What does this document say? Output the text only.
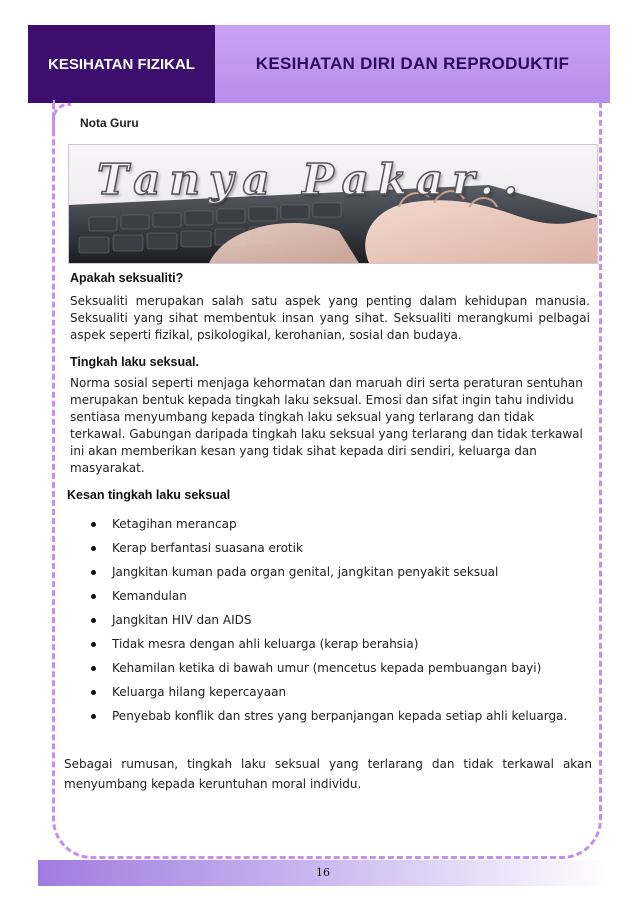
KESIHATAN FIZIKAL	KESIHATAN DIRI DAN REPRODUKTIF
Nota Guru
Tanya Pakar..
Apakah seksualiti?

Seksualiti merupakan salah satu aspek yang penting dalam kehidupan manusia. Seksualiti yang sihat membentuk insan yang sihat. Seksualiti merangkumi pelbagai aspek seperti fizikal, psikologikal, kerohanian, sosial dan budaya.

Tingkah laku seksual.

Norma sosial seperti menjaga kehormatan dan maruah diri serta peraturan sentuhan merupakan bentuk kepada tingkah laku seksual. Emosi dan sifat ingin tahu individu sentiasa menyumbang kepada tingkah laku seksual yang terlarang dan tidak terkawal. Gabungan daripada tingkah laku seksual yang terlarang dan tidak terkawal ini akan memberikan kesan yang tidak sihat kepada diri sendiri, keluarga dan masyarakat.

Kesan tingkah laku seksual
Ketagihan merancap
Kerap berfantasi suasana erotik
Jangkitan kuman pada organ genital, jangkitan penyakit seksual
Kemandulan
Jangkitan HIV dan AIDS
Tidak mesra dengan ahli keluarga (kerap berahsia)
Kehamilan ketika di bawah umur (mencetus kepada pembuangan bayi)
Keluarga hilang kepercayaan
Penyebab konflik dan stres yang berpanjangan kepada setiap ahli keluarga.

Sebagai rumusan, tingkah laku seksual yang terlarang dan tidak terkawal akan menyumbang kepada keruntuhan moral individu.

16
